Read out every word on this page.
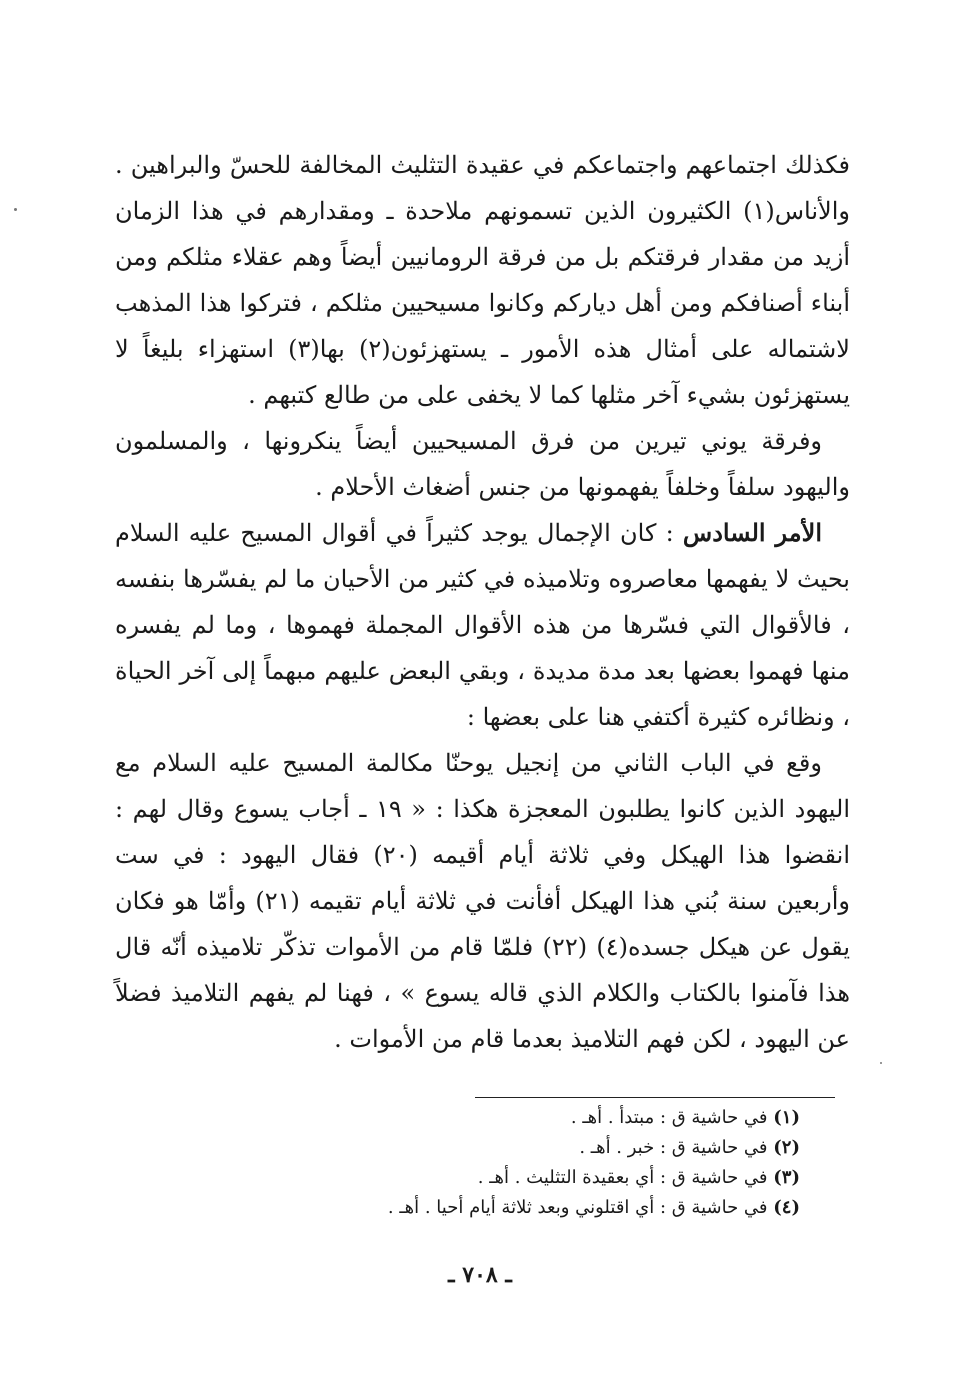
فكذلك اجتماعهم واجتماعكم في عقيدة التثليث المخالفة للحسّ والبراهين . والأناس(١) الكثيرون الذين تسمونهم ملاحدة ـ ومقدارهم في هذا الزمان أزيد من مقدار فرقتكم بل من فرقة الرومانيين أيضاً وهم عقلاء مثلكم ومن أبناء أصنافكم ومن أهل دياركم وكانوا مسيحيين مثلكم ، فتركوا هذا المذهب لاشتماله على أمثال هذه الأمور ـ يستهزئون(٢) بها(٣) استهزاء بليغاً لا يستهزئون بشيء آخر مثلها كما لا يخفى على من طالع كتبهم .

وفرقة يوني تيرين من فرق المسيحيين أيضاً ينكرونها ، والمسلمون واليهود سلفاً وخلفاً يفهمونها من جنس أضغاث الأحلام .

الأمر السادس : كان الإجمال يوجد كثيراً في أقوال المسيح عليه السلام بحيث لا يفهمها معاصروه وتلاميذه في كثير من الأحيان ما لم يفسّرها بنفسه ، فالأقوال التي فسّرها من هذه الأقوال المجملة فهموها ، وما لم يفسره منها فهموا بعضها بعد مدة مديدة ، وبقي البعض عليهم مبهماً إلى آخر الحياة ، ونظائره كثيرة أكتفي هنا على بعضها :

وقع في الباب الثاني من إنجيل يوحنّا مكالمة المسيح عليه السلام مع اليهود الذين كانوا يطلبون المعجزة هكذا : « ١٩ ـ أجاب يسوع وقال لهم : انقضوا هذا الهيكل وفي ثلاثة أيام أقيمه (٢٠) فقال اليهود : في ست وأربعين سنة بُني هذا الهيكل أفأنت في ثلاثة أيام تقيمه (٢١) وأمّا هو فكان يقول عن هيكل جسده(٤) (٢٢) فلمّا قام من الأموات تذكّر تلاميذه أنّه قال هذا فآمنوا بالكتاب والكلام الذي قاله يسوع » ، فهنا لم يفهم التلاميذ فضلاً عن اليهود ، لكن فهم التلاميذ بعدما قام من الأموات .

(١) في حاشية ق : مبتدأ . أهـ .

(٢) في حاشية ق : خبر . أهـ .

(٣) في حاشية ق : أي بعقيدة التثليث . أهـ .

(٤) في حاشية ق : أي اقتلوني وبعد ثلاثة أيام أحيا . أهـ .

ـ ٧٠٨ ـ
